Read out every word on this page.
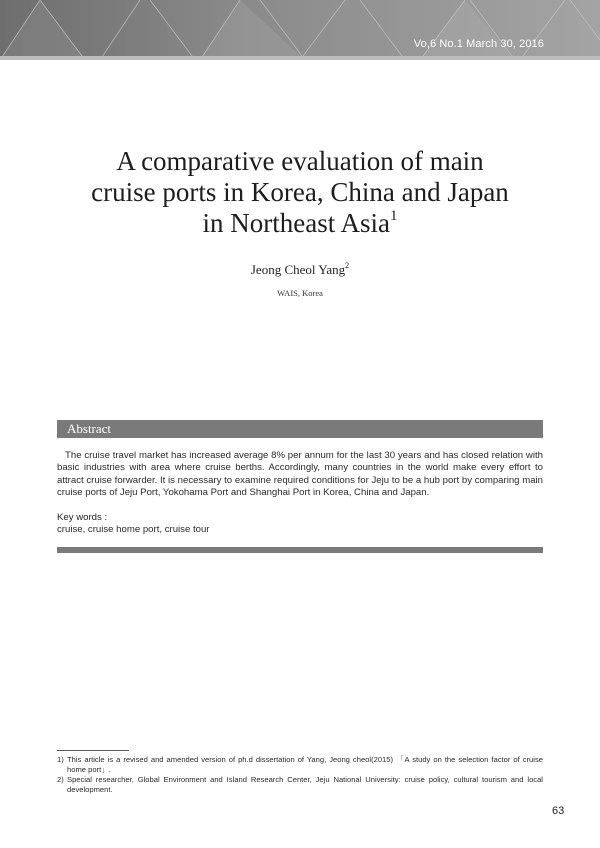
Vo,6 No.1 March 30, 2016
A comparative evaluation of main
cruise ports in Korea, China and Japan
in Northeast Asia$^1$
Jeong Cheol Yang$^2$
WAIS, Korea
Abstract
The cruise travel market has increased average 8% per annum for the last 30 years and has closed relation with basic industries with area where cruise berths. Accordingly, many countries in the world make every effort to attract cruise forwarder. It is necessary to examine required conditions for Jeju to be a hub port by comparing main cruise ports of Jeju Port, Yokohama Port and Shanghai Port in Korea, China and Japan.
Key words :
cruise, cruise home port, cruise tour
1) This article is a revised and amended version of ph.d dissertation of Yang, Jeong cheol(2015) 「A study on the selection factor of cruise home port」.
2) Special researcher, Global Environment and Island Research Center, Jeju National University: cruise policy, cultural tourism and local development.
63
